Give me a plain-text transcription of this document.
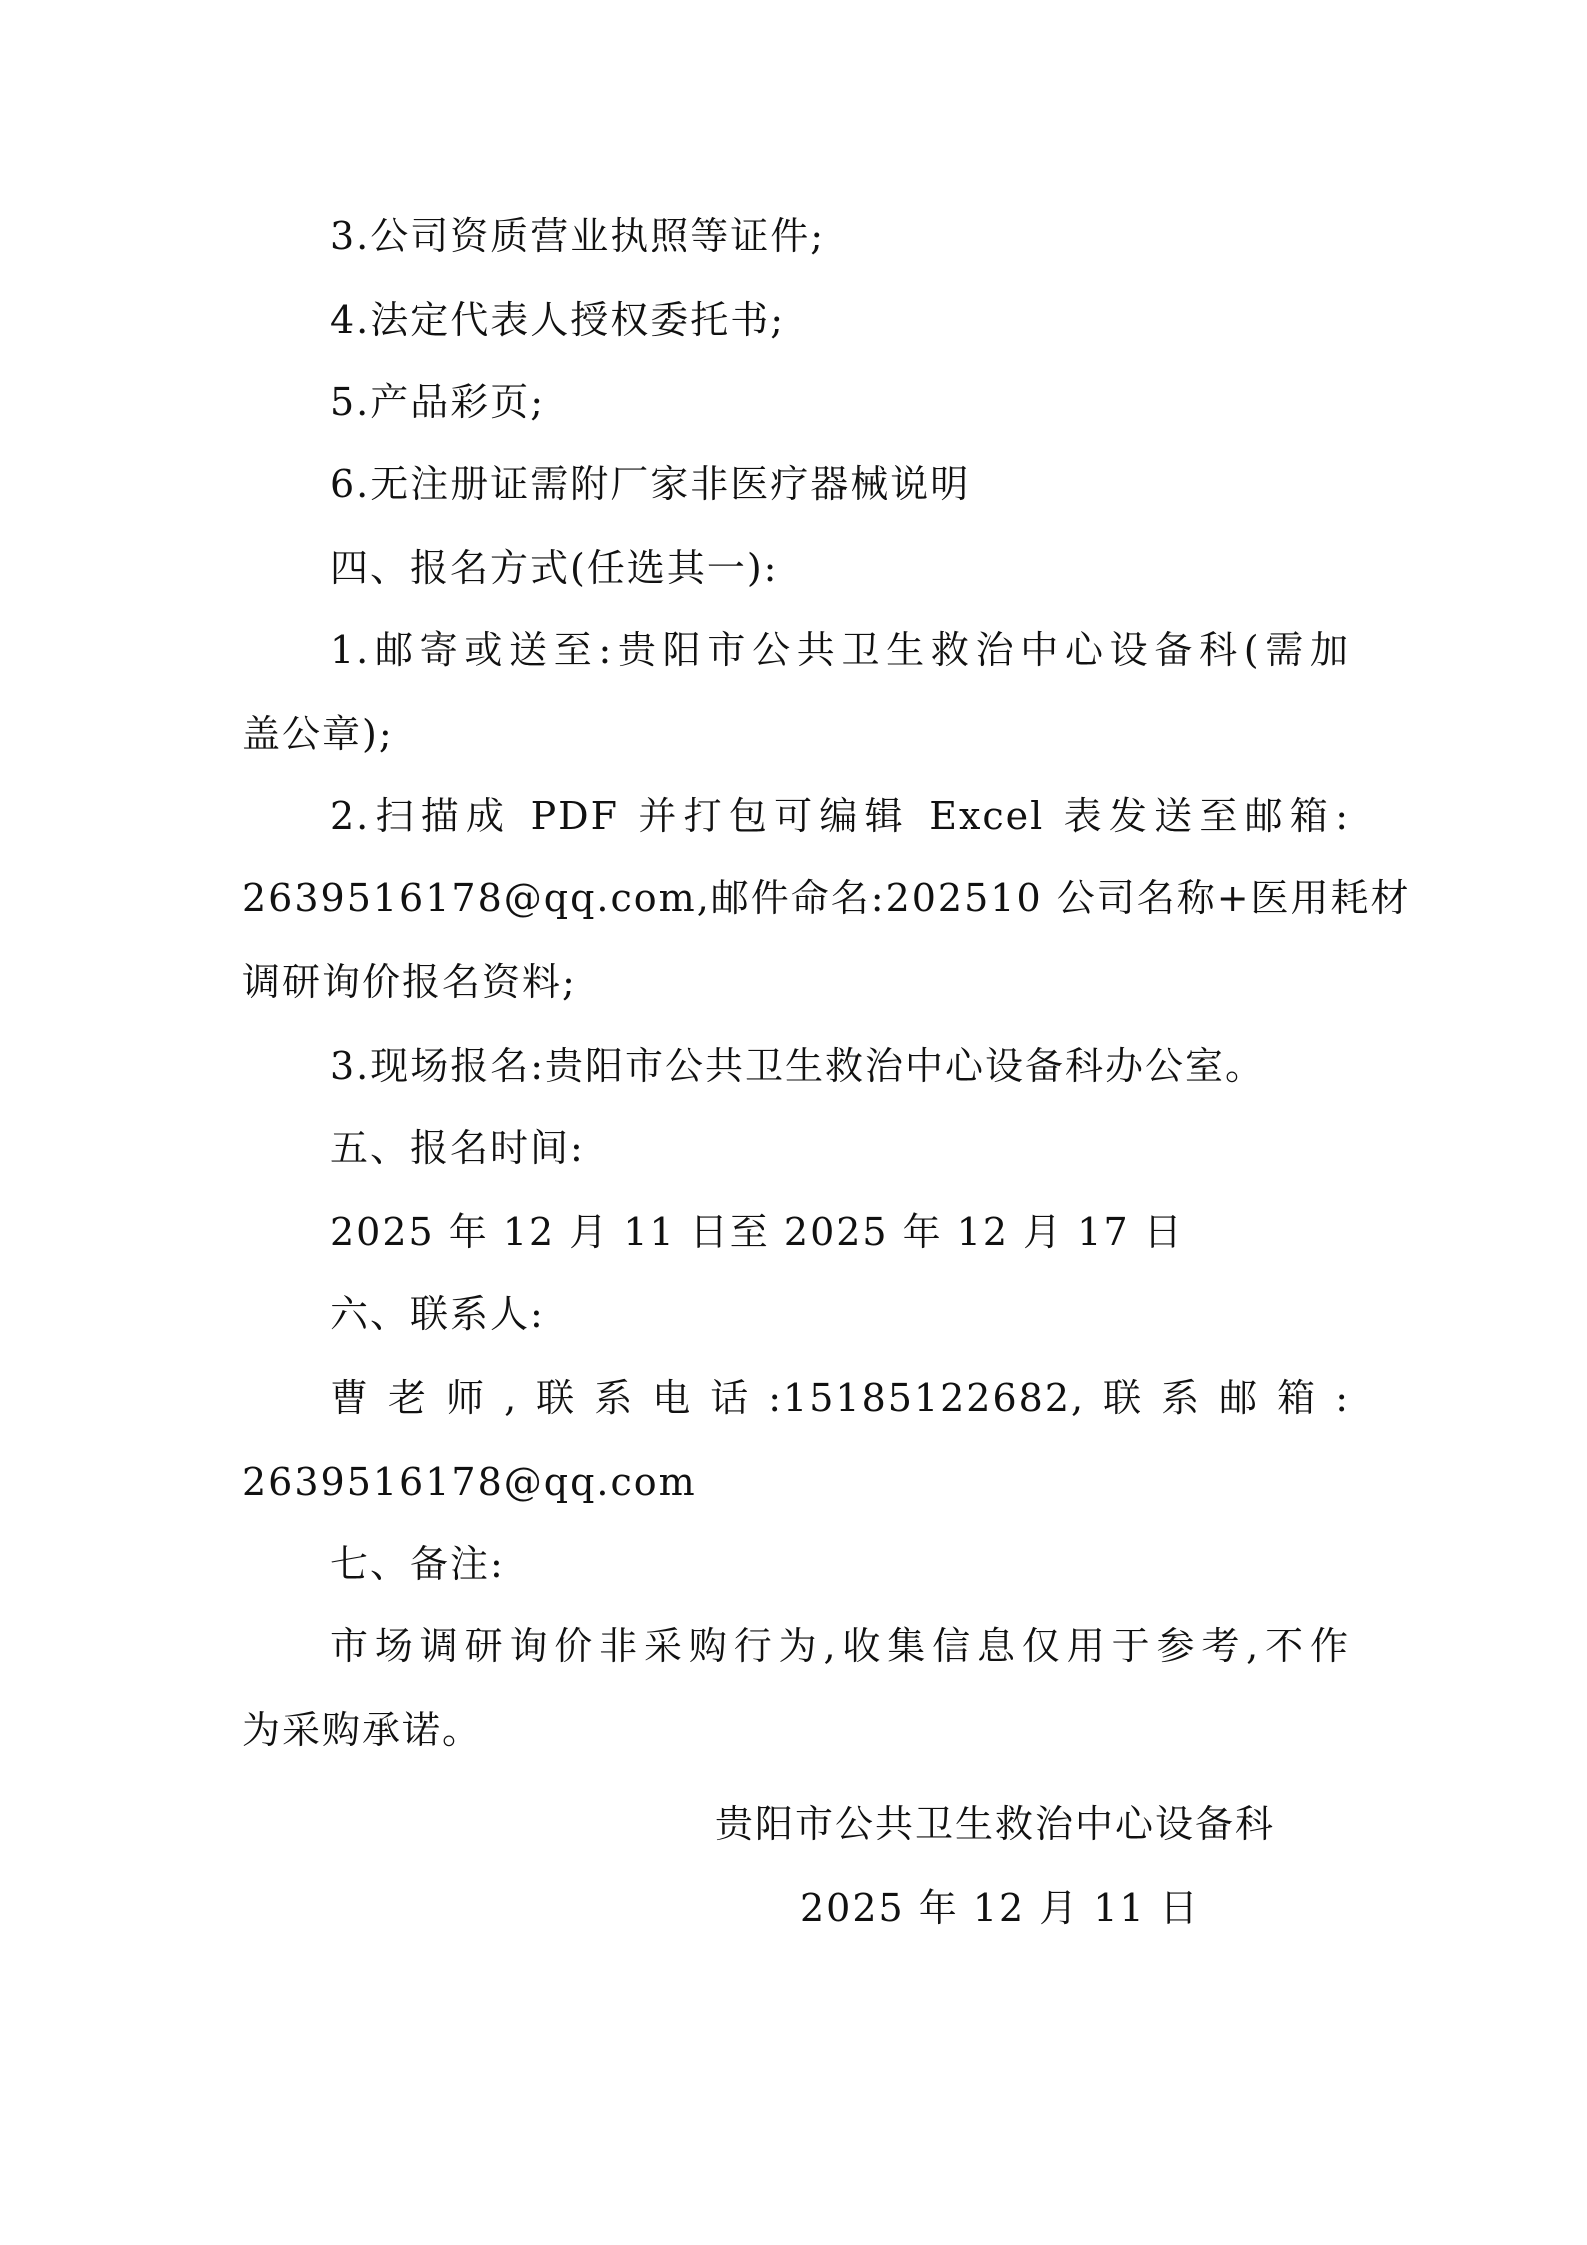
3.公司资质营业执照等证件;
4.法定代表人授权委托书;
5.产品彩页;
6.无注册证需附厂家非医疗器械说明
四、报名方式(任选其一):
1.邮寄或送至:贵阳市公共卫生救治中心设备科(需加
盖公章);
2.扫描成 PDF 并打包可编辑 Excel 表发送至邮箱:
2639516178@qq.com,邮件命名:202510 公司名称+医用耗材
调研询价报名资料;
3.现场报名:贵阳市公共卫生救治中心设备科办公室。
五、报名时间:
2025 年 12 月 11 日至 2025 年 12 月 17 日
六、联系人:
曹老师,联系电话:15185122682,联系邮箱:
2639516178@qq.com
七、备注:
市场调研询价非采购行为,收集信息仅用于参考,不作
为采购承诺。
贵阳市公共卫生救治中心设备科
2025 年 12 月 11 日
